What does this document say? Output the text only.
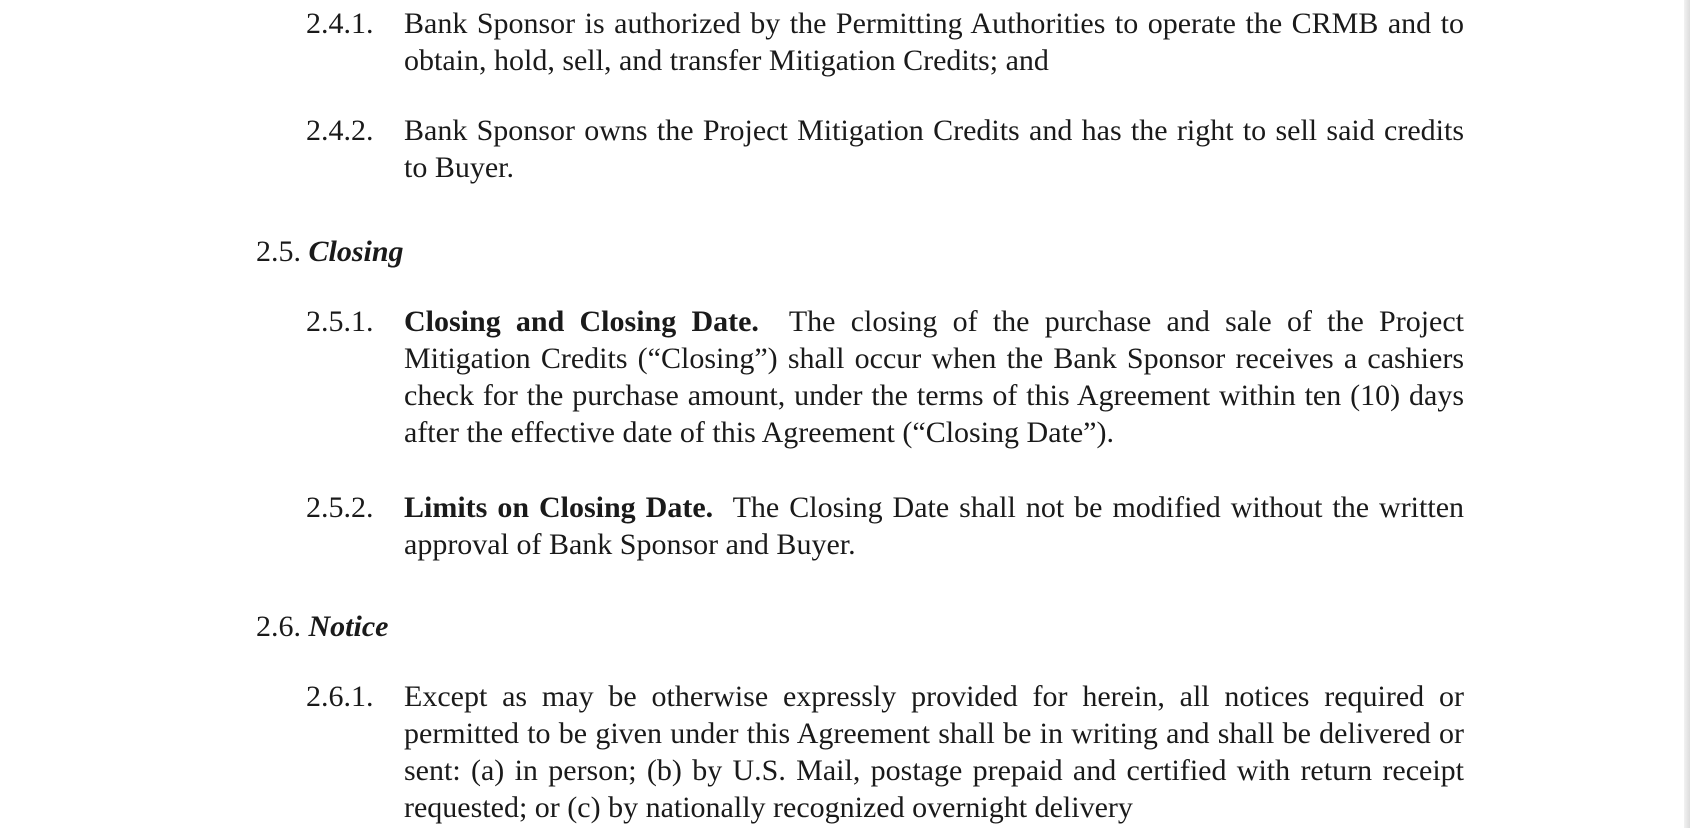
2.4.1. Bank Sponsor is authorized by the Permitting Authorities to operate the CRMB and to obtain, hold, sell, and transfer Mitigation Credits; and
2.4.2. Bank Sponsor owns the Project Mitigation Credits and has the right to sell said credits to Buyer.
2.5. Closing
2.5.1. Closing and Closing Date. The closing of the purchase and sale of the Project Mitigation Credits (“Closing”) shall occur when the Bank Sponsor receives a cashiers check for the purchase amount, under the terms of this Agreement within ten (10) days after the effective date of this Agreement (“Closing Date”).
2.5.2. Limits on Closing Date. The Closing Date shall not be modified without the written approval of Bank Sponsor and Buyer.
2.6. Notice
2.6.1. Except as may be otherwise expressly provided for herein, all notices required or permitted to be given under this Agreement shall be in writing and shall be delivered or sent: (a) in person; (b) by U.S. Mail, postage prepaid and certified with return receipt requested; or (c) by nationally recognized overnight delivery
